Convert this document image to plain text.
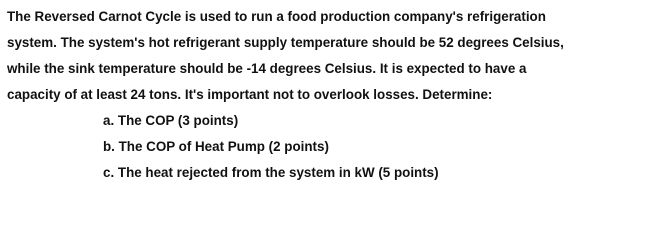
The Reversed Carnot Cycle is used to run a food production company's refrigeration
system. The system's hot refrigerant supply temperature should be 52 degrees Celsius,
while the sink temperature should be -14 degrees Celsius. It is expected to have a
capacity of at least 24 tons. It's important not to overlook losses. Determine:
a. The COP (3 points)
b. The COP of Heat Pump (2 points)
c. The heat rejected from the system in kW (5 points)
